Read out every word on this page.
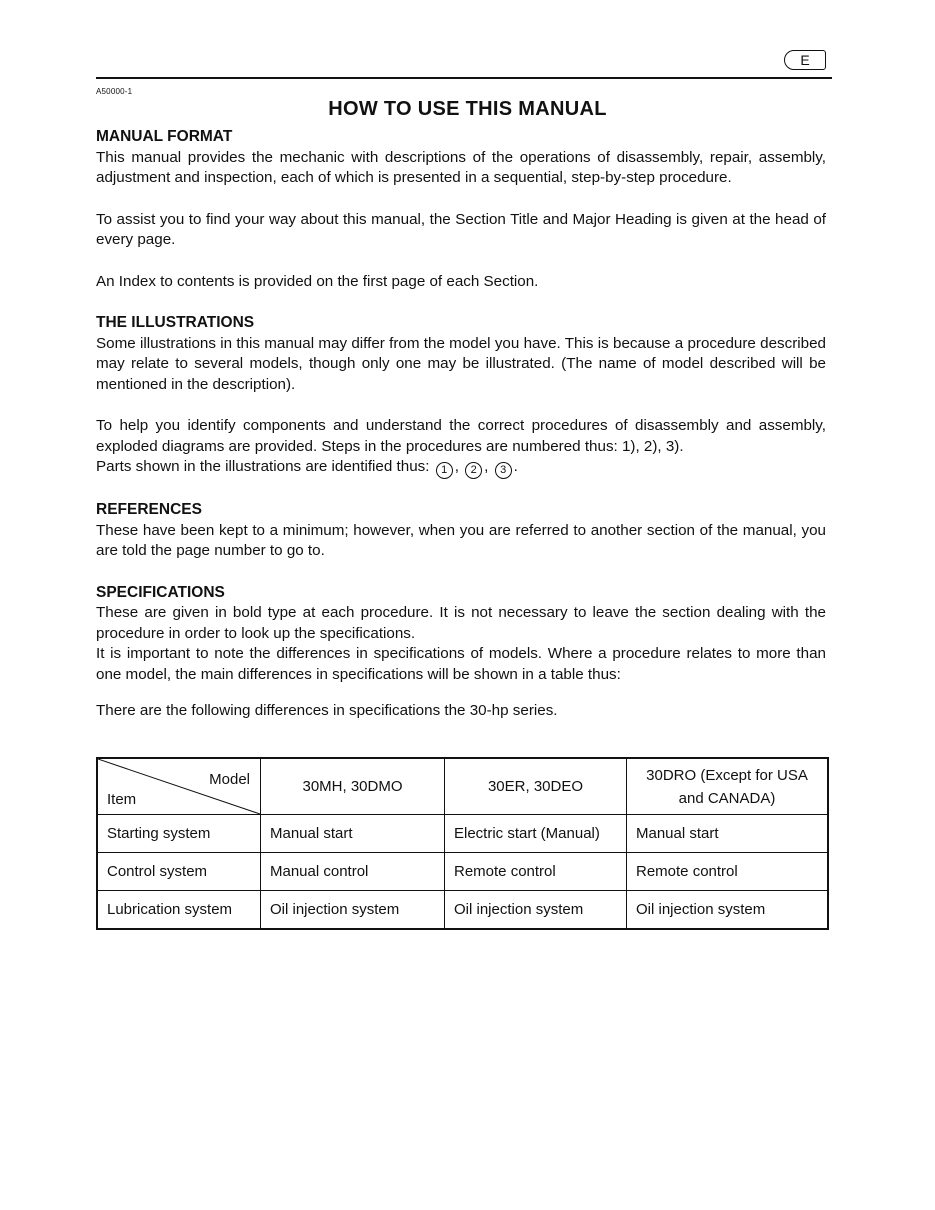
E
A50000-1
HOW TO USE THIS MANUAL
MANUAL FORMAT

This manual provides the mechanic with descriptions of the operations of disassembly, repair, assembly, adjustment and inspection, each of which is presented in a sequential, step-by-step procedure.

To assist you to find your way about this manual, the Section Title and Major Heading is given at the head of every page.

An Index to contents is provided on the first page of each Section.

THE ILLUSTRATIONS

Some illustrations in this manual may differ from the model you have. This is because a procedure described may relate to several models, though only one may be illustrated. (The name of model described will be mentioned in the description).

To help you identify components and understand the correct procedures of disassembly and assembly, exploded diagrams are provided. Steps in the procedures are numbered thus: 1), 2), 3).

Parts shown in the illustrations are identified thus: 1 , 2 , 3 .

REFERENCES

These have been kept to a minimum; however, when you are referred to another section of the manual, you are told the page number to go to.

SPECIFICATIONS

These are given in bold type at each procedure. It is not necessary to leave the section dealing with the procedure in order to look up the specifications.

It is important to note the differences in specifications of models. Where a procedure relates to more than one model, the main differences in specifications will be shown in a table thus:

There are the following differences in specifications the 30-hp series.

Model
Item	30MH, 30DMO	30ER, 30DEO	30DRO (Except for USA and CANADA)
Starting system	Manual start	Electric start (Manual)	Manual start
Control system	Manual control	Remote control	Remote control
Lubrication system	Oil injection system	Oil injection system	Oil injection system
